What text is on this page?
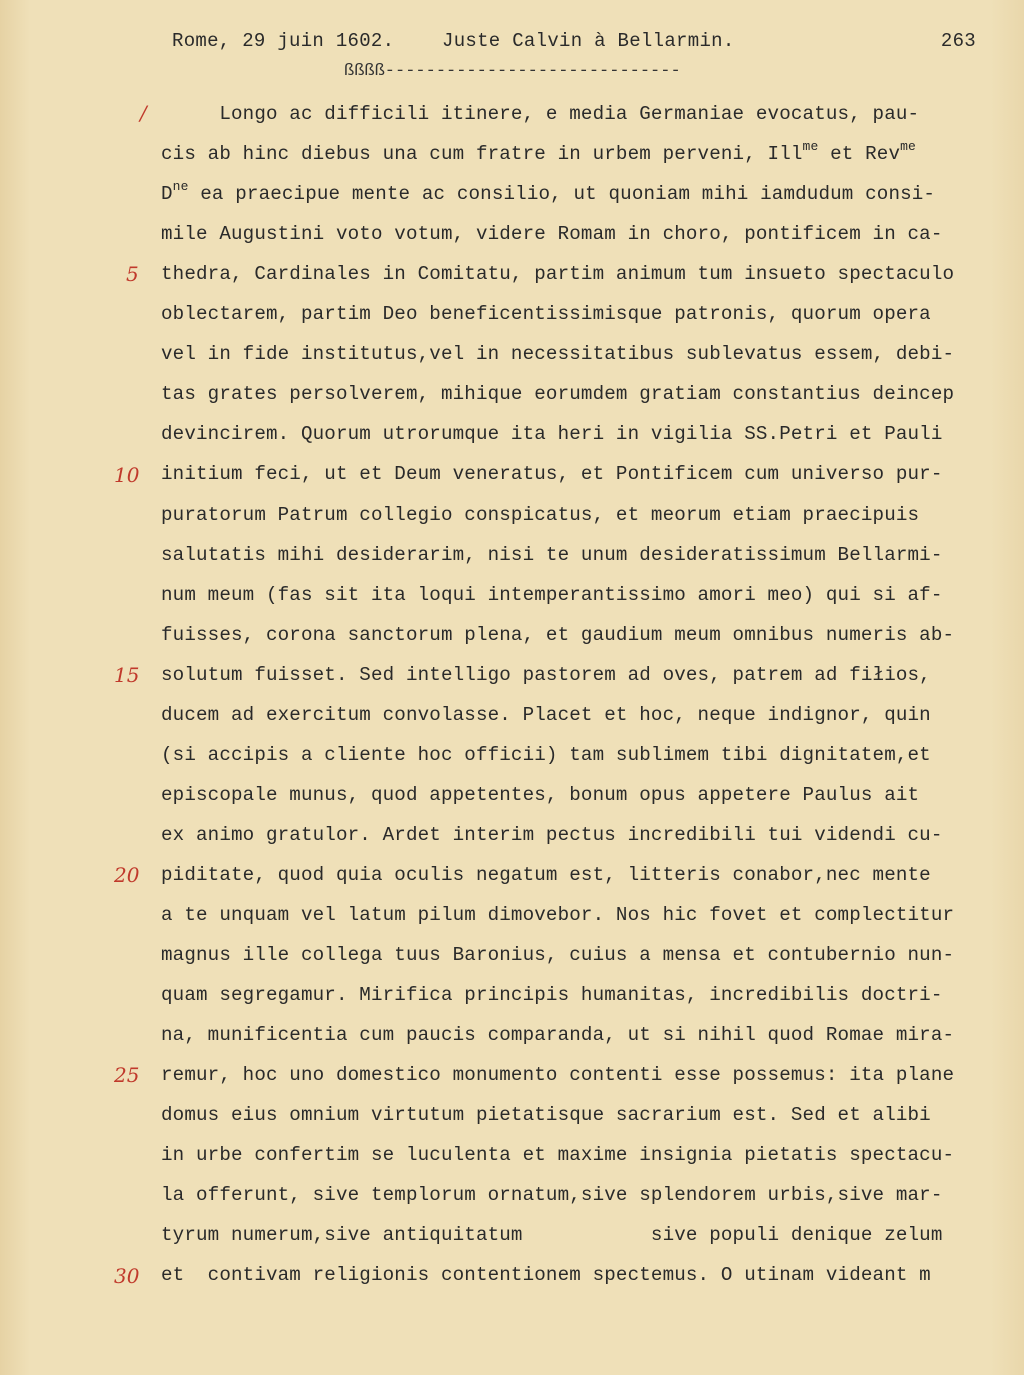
Rome, 29 juin 1602.	Juste Calvin à Bellarmin.	263
ßßßß-----------------------------
/ Longo ac difficili itinere, e media Germaniae evocatus, pau-
cis ab hinc diebus una cum fratre in urbem perveni, Ill$^{me}$ et Rev$^{me}$
$D^{ne}$ ea praecipue mente ac consilio, ut quoniam mihi iamdudum consi-
mile Augustini voto votum, videre Romam in choro, pontificem in ca-
5 thedra, Cardinales in Comitatu, partim animum tum insueto spectaculo
oblectarem, partim Deo beneficentissimisque patronis, quorum opera
vel in fide institutus,vel in necessitatibus sublevatus essem, debi-
tas grates persolverem, mihique eorumdem gratiam constantius deincep
devincirem. Quorum utrorumque ita heri in vigilia SS.Petri et Pauli
10 initium feci, ut et Deum veneratus, et Pontificem cum universo pur-
puratorum Patrum collegio conspicatus, et meorum etiam praecipuis
salutatis mihi desiderarim, nisi te unum desideratissimum Bellarmi-
num meum (fas sit ita loqui intemperantissimo amori meo) qui si af-
fuisses, corona sanctorum plena, et gaudium meum omnibus numeris ab-
15 solutum fuisset. Sed intelligo pastorem ad oves, patrem ad fiłios,
ducem ad exercitum convolasse. Placet et hoc, neque indignor, quin
(si accipis a cliente hoc officii) tam sublimem tibi dignitatem,et
episcopale munus, quod appetentes, bonum opus appetere Paulus ait
ex animo gratulor. Ardet interim pectus incredibili tui videndi cu-
20 piditate, quod quia oculis negatum est, litteris conabor,nec mente
a te unquam vel latum pilum dimovebor. Nos hic fovet et complectitur
magnus ille collega tuus Baronius, cuius a mensa et contubernio nun-
quam segregamur. Mirifica principis humanitas, incredibilis doctri-
na, munificentia cum paucis comparanda, ut si nihil quod Romae mira-
25 remur, hoc uno domestico monumento contenti esse possemus: ita plane
domus eius omnium virtutum pietatisque sacrarium est. Sed et alibi
in urbe confertim se luculenta et maxime insignia pietatis spectacu-
la offerunt, sive templorum ornatum,sive splendorem urbis,sive mar-
tyrum numerum,sive antiquitatum           sive populi denique zelum
30 et  contivam religionis contentionem spectemus. O utinam videant m
